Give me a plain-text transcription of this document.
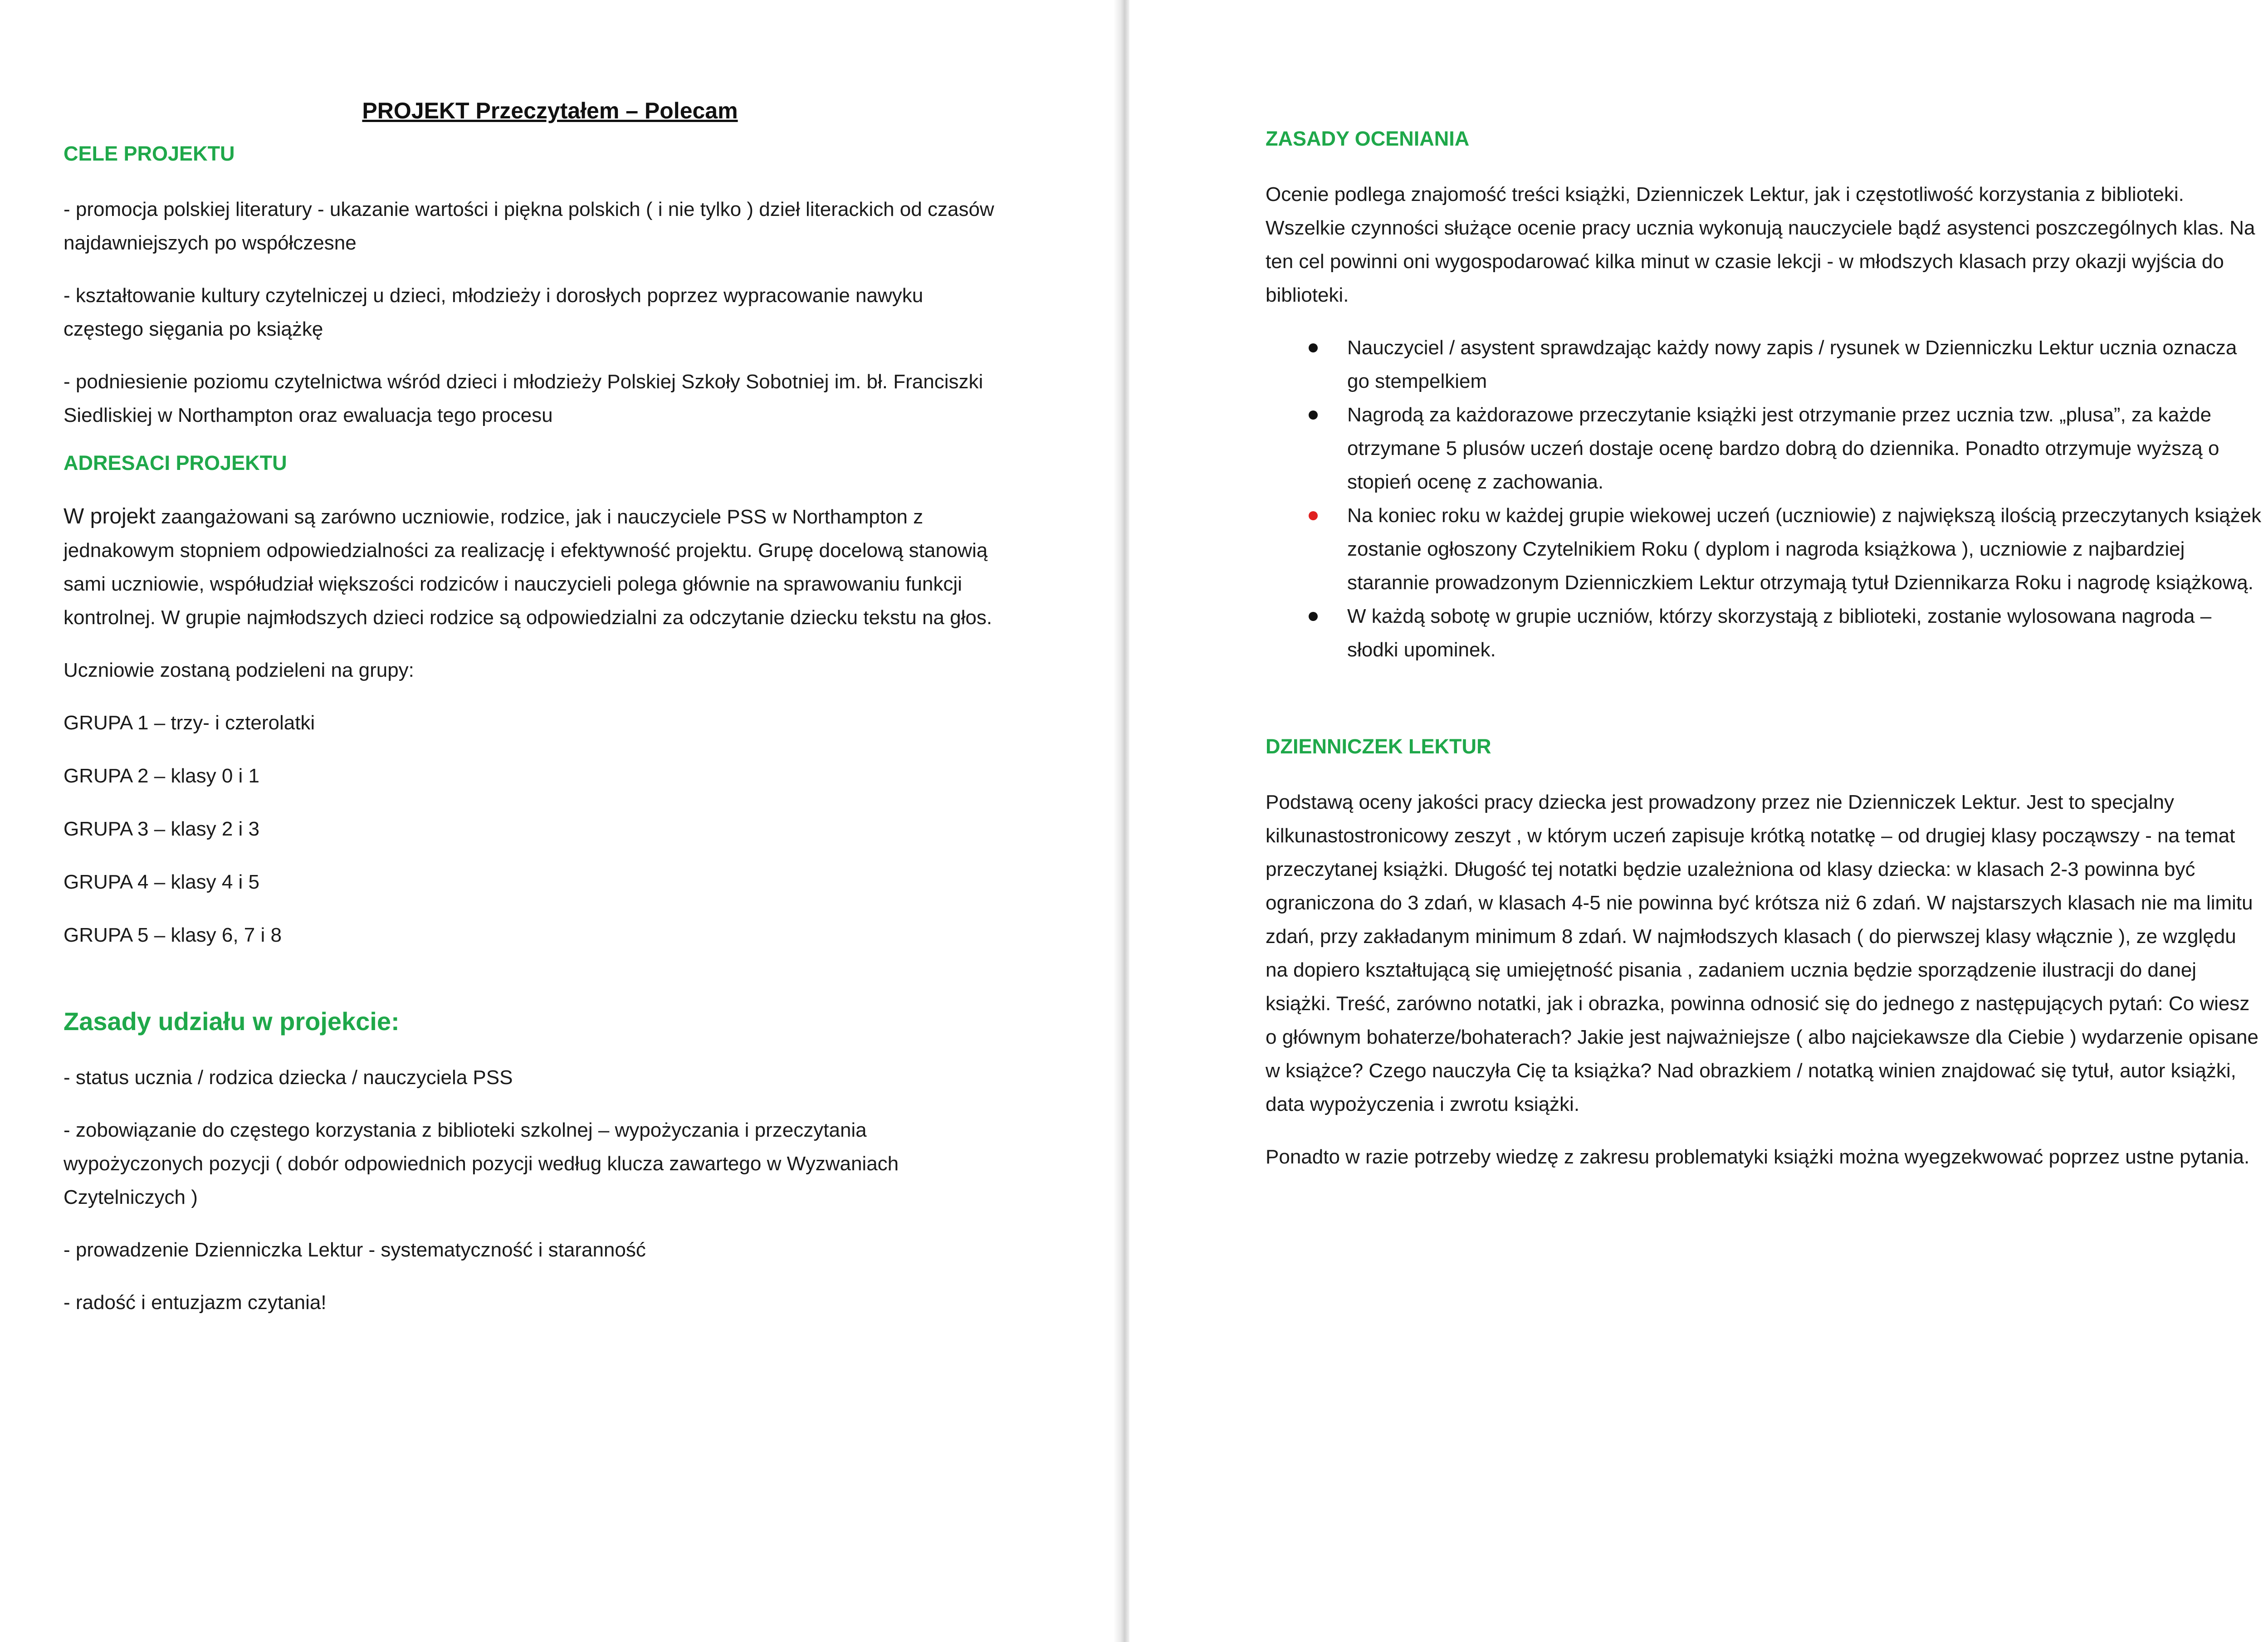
PROJEKT Przeczytałem – Polecam
CELE PROJEKTU

- promocja polskiej literatury - ukazanie wartości i piękna polskich ( i nie tylko ) dzieł literackich od czasów najdawniejszych po współczesne

- kształtowanie kultury czytelniczej u dzieci, młodzieży i dorosłych poprzez wypracowanie nawyku częstego sięgania po książkę

- podniesienie poziomu czytelnictwa wśród dzieci i młodzieży Polskiej Szkoły Sobotniej im. bł. Franciszki Siedliskiej w Northampton oraz ewaluacja tego procesu

ADRESACI PROJEKTU

W projekt zaangażowani są zarówno uczniowie, rodzice, jak i nauczyciele PSS w Northampton z jednakowym stopniem odpowiedzialności za realizację i efektywność projektu. Grupę docelową stanowią sami uczniowie, współudział większości rodziców i nauczycieli polega głównie na sprawowaniu funkcji kontrolnej. W grupie najmłodszych dzieci rodzice są odpowiedzialni za odczytanie dziecku tekstu na głos.

Uczniowie zostaną podzieleni na grupy:

GRUPA 1 – trzy- i czterolatki

GRUPA 2 – klasy 0 i 1

GRUPA 3 – klasy 2 i 3

GRUPA 4 – klasy 4 i 5

GRUPA 5 – klasy 6, 7 i 8

Zasady udziału w projekcie:

- status ucznia / rodzica dziecka / nauczyciela PSS

- zobowiązanie do częstego korzystania z biblioteki szkolnej – wypożyczania i przeczytania wypożyczonych pozycji ( dobór odpowiednich pozycji według klucza zawartego w Wyzwaniach Czytelniczych )

- prowadzenie Dzienniczka Lektur - systematyczność i staranność

- radość i entuzjazm czytania!

ZASADY OCENIANIA

Ocenie podlega znajomość treści książki, Dzienniczek Lektur, jak i częstotliwość korzystania z biblioteki. Wszelkie czynności służące ocenie pracy ucznia wykonują nauczyciele bądź asystenci poszczególnych klas. Na ten cel powinni oni wygospodarować kilka minut w czasie lekcji - w młodszych klasach przy okazji wyjścia do biblioteki.

Nauczyciel / asystent sprawdzając każdy nowy zapis / rysunek w Dzienniczku Lektur ucznia oznacza go stempelkiem
Nagrodą za każdorazowe przeczytanie książki jest otrzymanie przez ucznia tzw. „plusa”, za każde otrzymane 5 plusów uczeń dostaje ocenę bardzo dobrą do dziennika. Ponadto otrzymuje wyższą o stopień ocenę z zachowania.
Na koniec roku w każdej grupie wiekowej uczeń (uczniowie) z największą ilością przeczytanych książek zostanie ogłoszony Czytelnikiem Roku ( dyplom i nagroda książkowa ), uczniowie z najbardziej starannie prowadzonym Dzienniczkiem Lektur otrzymają tytuł Dziennikarza Roku i nagrodę książkową.
W każdą sobotę w grupie uczniów, którzy skorzystają z biblioteki, zostanie wylosowana nagroda – słodki upominek.
DZIENNICZEK LEKTUR

Podstawą oceny jakości pracy dziecka jest prowadzony przez nie Dzienniczek Lektur. Jest to specjalny kilkunastostronicowy zeszyt , w którym uczeń zapisuje krótką notatkę – od drugiej klasy począwszy - na temat przeczytanej książki. Długość tej notatki będzie uzależniona od klasy dziecka: w klasach 2-3 powinna być ograniczona do 3 zdań, w klasach 4-5 nie powinna być krótsza niż 6 zdań. W najstarszych klasach nie ma limitu zdań, przy zakładanym minimum 8 zdań. W najmłodszych klasach ( do pierwszej klasy włącznie ), ze względu na dopiero kształtującą się umiejętność pisania , zadaniem ucznia będzie sporządzenie ilustracji do danej książki. Treść, zarówno notatki, jak i obrazka, powinna odnosić się do jednego z następujących pytań: Co wiesz o głównym bohaterze/bohaterach? Jakie jest najważniejsze ( albo najciekawsze dla Ciebie ) wydarzenie opisane w książce? Czego nauczyła Cię ta książka? Nad obrazkiem / notatką winien znajdować się tytuł, autor książki, data wypożyczenia i zwrotu książki.

Ponadto w razie potrzeby wiedzę z zakresu problematyki książki można wyegzekwować poprzez ustne pytania.
